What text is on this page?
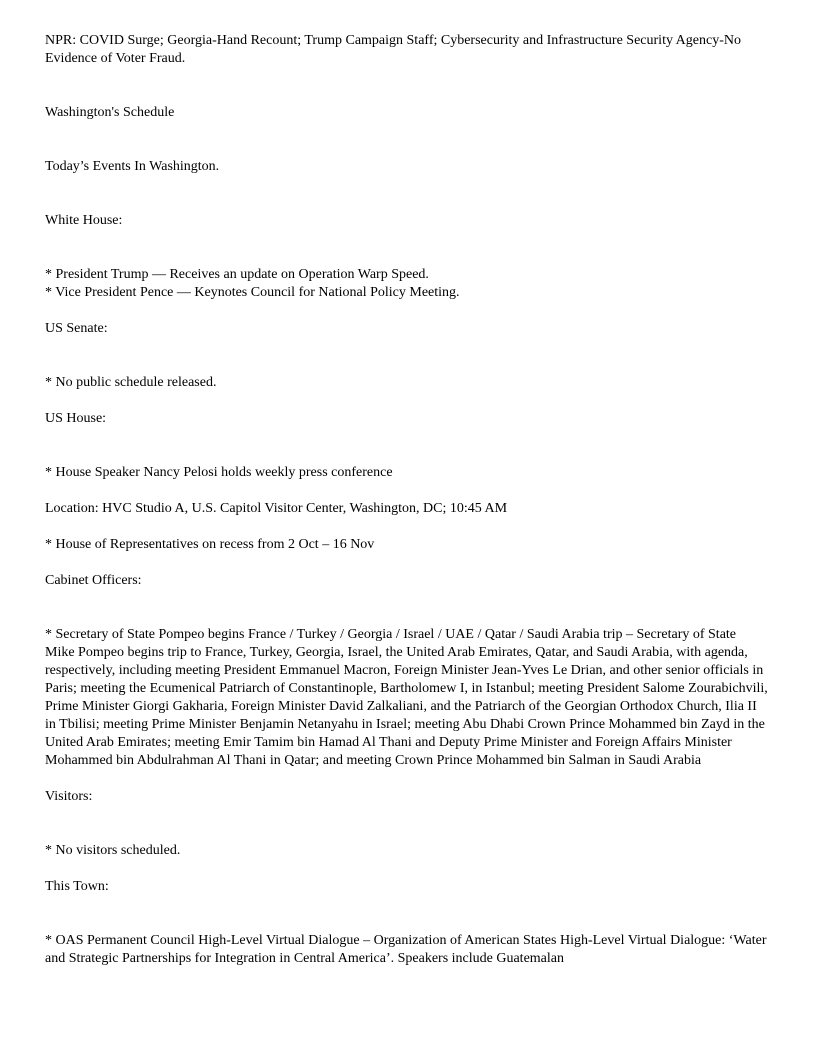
NPR: COVID Surge; Georgia-Hand Recount; Trump Campaign Staff; Cybersecurity and Infrastructure Security Agency-No Evidence of Voter Fraud.

Washington's Schedule

Today’s Events In Washington.

White House:

* President Trump — Receives an update on Operation Warp Speed.

* Vice President Pence — Keynotes Council for National Policy Meeting.

US Senate:

* No public schedule released.

US House:

* House Speaker Nancy Pelosi holds weekly press conference

Location: HVC Studio A, U.S. Capitol Visitor Center, Washington, DC; 10:45 AM

* House of Representatives on recess from 2 Oct – 16 Nov

Cabinet Officers:

* Secretary of State Pompeo begins France / Turkey / Georgia / Israel / UAE / Qatar / Saudi Arabia trip – Secretary of State Mike Pompeo begins trip to France, Turkey, Georgia, Israel, the United Arab Emirates, Qatar, and Saudi Arabia, with agenda, respectively, including meeting President Emmanuel Macron, Foreign Minister Jean-Yves Le Drian, and other senior officials in Paris; meeting the Ecumenical Patriarch of Constantinople, Bartholomew I, in Istanbul; meeting President Salome Zourabichvili, Prime Minister Giorgi Gakharia, Foreign Minister David Zalkaliani, and the Patriarch of the Georgian Orthodox Church, Ilia II in Tbilisi; meeting Prime Minister Benjamin Netanyahu in Israel; meeting Abu Dhabi Crown Prince Mohammed bin Zayd in the United Arab Emirates; meeting Emir Tamim bin Hamad Al Thani and Deputy Prime Minister and Foreign Affairs Minister Mohammed bin Abdulrahman Al Thani in Qatar; and meeting Crown Prince Mohammed bin Salman in Saudi Arabia

Visitors:

* No visitors scheduled.

This Town:

* OAS Permanent Council High-Level Virtual Dialogue – Organization of American States High-Level Virtual Dialogue: ‘Water and Strategic Partnerships for Integration in Central America’. Speakers include Guatemalan
